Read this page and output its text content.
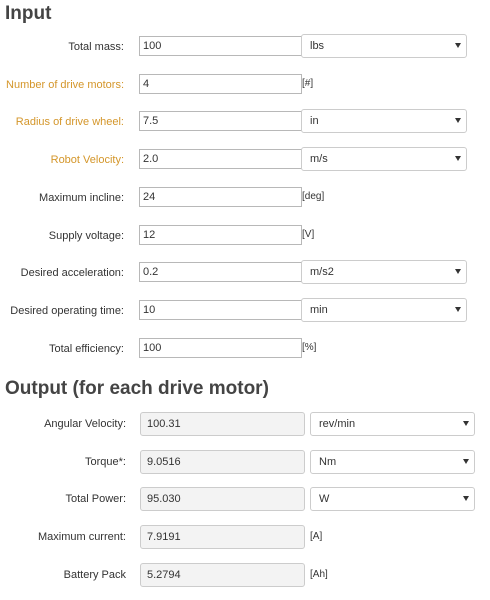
Input
Total mass:
100	lbs
Number of drive motors:
4	[#]
Radius of drive wheel:
7.5	in
Robot Velocity:
2.0	m/s
Maximum incline:
24	[deg]
Supply voltage:
12	[V]
Desired acceleration:
0.2	m/s2
Desired operating time:
10	min
Total efficiency:
100	[%]
Output (for each drive motor)
Angular Velocity:	100.31	rev/min
Torque*:	9.0516	Nm
Total Power:	95.030	W
Maximum current:	7.9191	[A]
Battery Pack	5.2794	[Ah]
